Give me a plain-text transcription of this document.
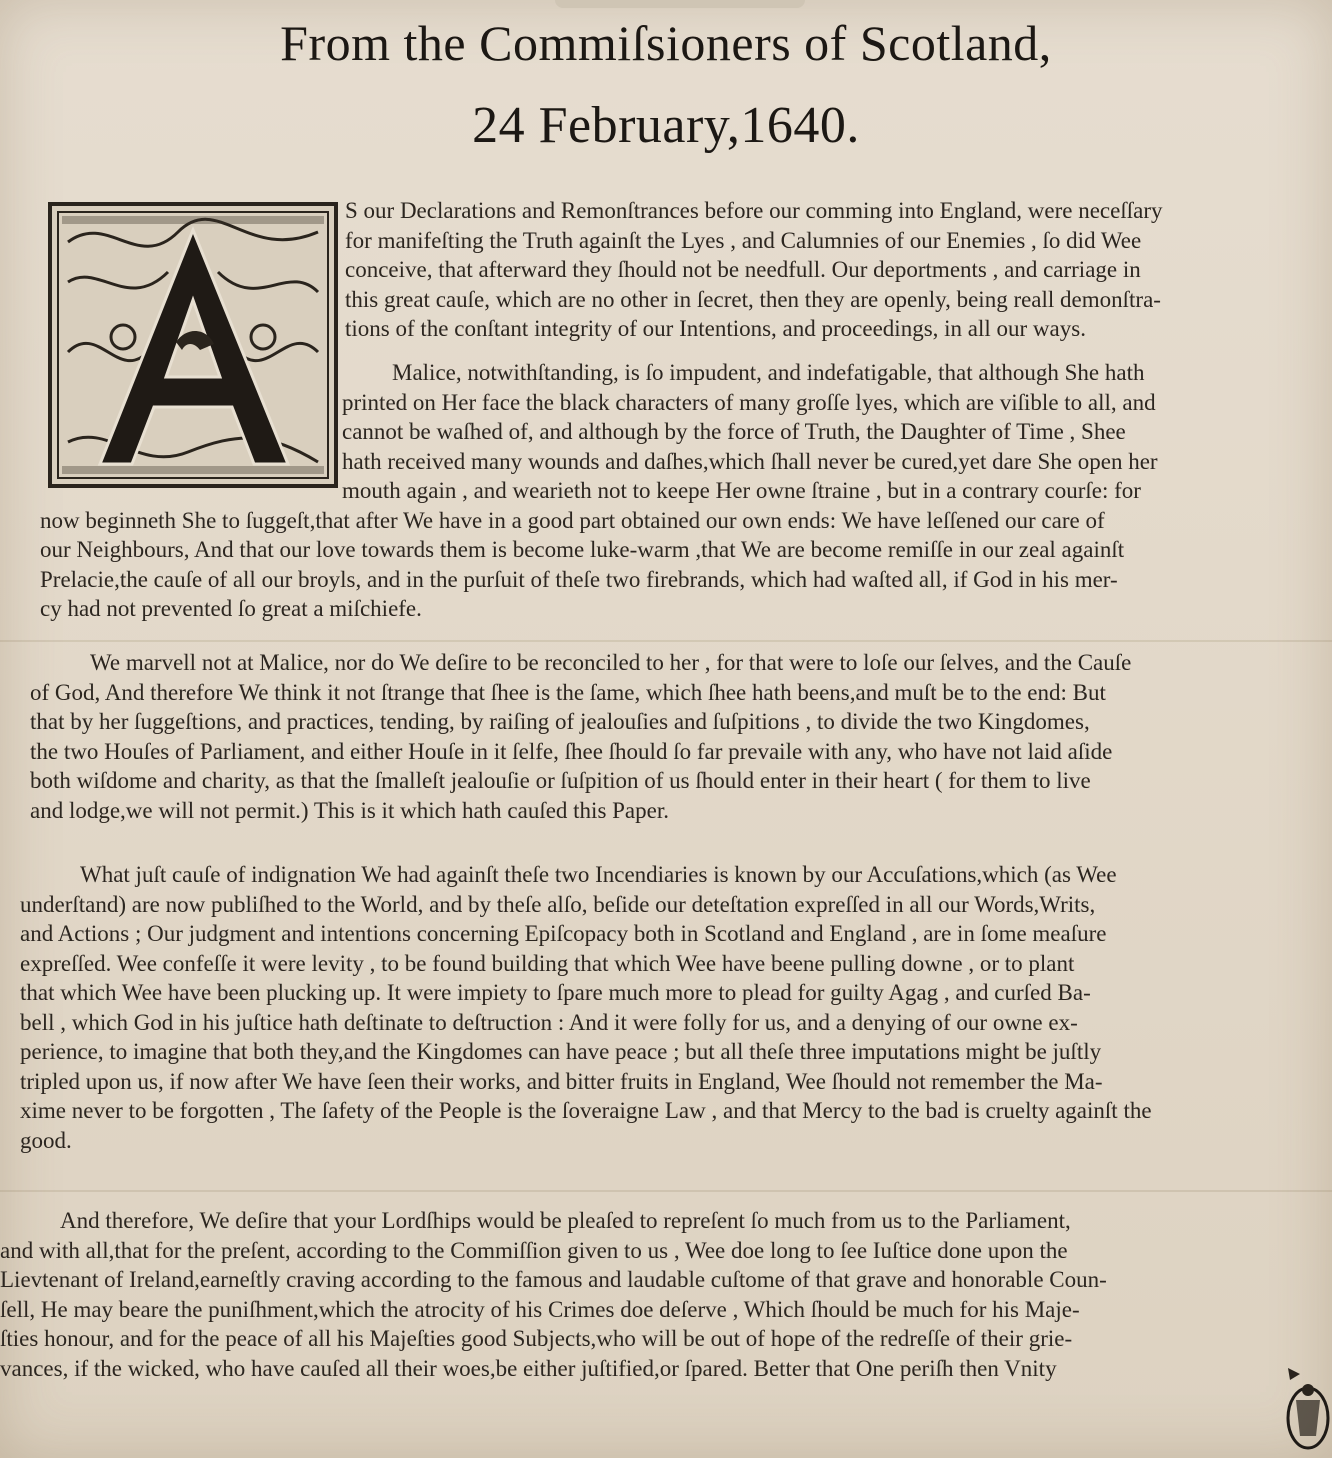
From the Commiſsioners of Scotland,
24 February,1640.
S our Declarations and Remonſtrances before our comming into England, were neceſſary
for manifeſting the Truth againſt the Lyes , and Calumnies of our Enemies , ſo did Wee
conceive, that afterward they ſhould not be needfull. Our deportments , and carriage in
this great cauſe, which are no other in ſecret, then they are openly, being reall demonſtra-
tions of the conſtant integrity of our Intentions, and proceedings, in all our ways.
Malice, notwithſtanding, is ſo impudent, and indefatigable, that although She hath
printed on Her face the black characters of many groſſe lyes, which are viſible to all, and
cannot be waſhed of, and although by the force of Truth, the Daughter of Time , Shee
hath received many wounds and daſhes,which ſhall never be cured,yet dare She open her
mouth again , and wearieth not to keepe Her owne ſtraine , but in a contrary courſe: for
now beginneth She to ſuggeſt,that after We have in a good part obtained our own ends: We have leſſened our care of
our Neighbours, And that our love towards them is become luke-warm ,that We are become remiſſe in our zeal againſt
Prelacie,the cauſe of all our broyls, and in the purſuit of theſe two firebrands, which had waſted all, if God in his mer-
cy had not prevented ſo great a miſchiefe.
We marvell not at Malice, nor do We deſire to be reconciled to her , for that were to loſe our ſelves, and the Cauſe
of God, And therefore We think it not ſtrange that ſhee is the ſame, which ſhee hath beens,and muſt be to the end: But
that by her ſuggeſtions, and practices, tending, by raiſing of jealouſies and ſuſpitions , to divide the two Kingdomes,
the two Houſes of Parliament, and either Houſe in it ſelfe, ſhee ſhould ſo far prevaile with any, who have not laid aſide
both wiſdome and charity, as that the ſmalleſt jealouſie or ſuſpition of us ſhould enter in their heart ( for them to live
and lodge,we will not permit.) This is it which hath cauſed this Paper.
What juſt cauſe of indignation We had againſt theſe two Incendiaries is known by our Accuſations,which (as Wee
underſtand) are now publiſhed to the World, and by theſe alſo, beſide our deteſtation expreſſed in all our Words,Writs,
and Actions ; Our judgment and intentions concerning Epiſcopacy both in Scotland and England , are in ſome meaſure
expreſſed. Wee confeſſe it were levity , to be found building that which Wee have beene pulling downe , or to plant
that which Wee have been plucking up. It were impiety to ſpare much more to plead for guilty Agag , and curſed Ba-
bell , which God in his juſtice hath deſtinate to deſtruction : And it were folly for us, and a denying of our owne ex-
perience, to imagine that both they,and the Kingdomes can have peace ; but all theſe three imputations might be juſtly
tripled upon us, if now after We have ſeen their works, and bitter fruits in England, Wee ſhould not remember the Ma-
xime never to be forgotten , The ſafety of the People is the ſoveraigne Law , and that Mercy to the bad is cruelty againſt the
good.
And therefore, We deſire that your Lordſhips would be pleaſed to repreſent ſo much from us to the Parliament,
and with all,that for the preſent, according to the Commiſſion given to us , Wee doe long to ſee Iuſtice done upon the
Lievtenant of Ireland,earneſtly craving according to the famous and laudable cuſtome of that grave and honorable Coun-
ſell, He may beare the puniſhment,which the atrocity of his Crimes doe deſerve , Which ſhould be much for his Maje-
ſties honour, and for the peace of all his Majeſties good Subjects,who will be out of hope of the redreſſe of their grie-
vances, if the wicked, who have cauſed all their woes,be either juſtified,or ſpared. Better that One periſh then Vnity
